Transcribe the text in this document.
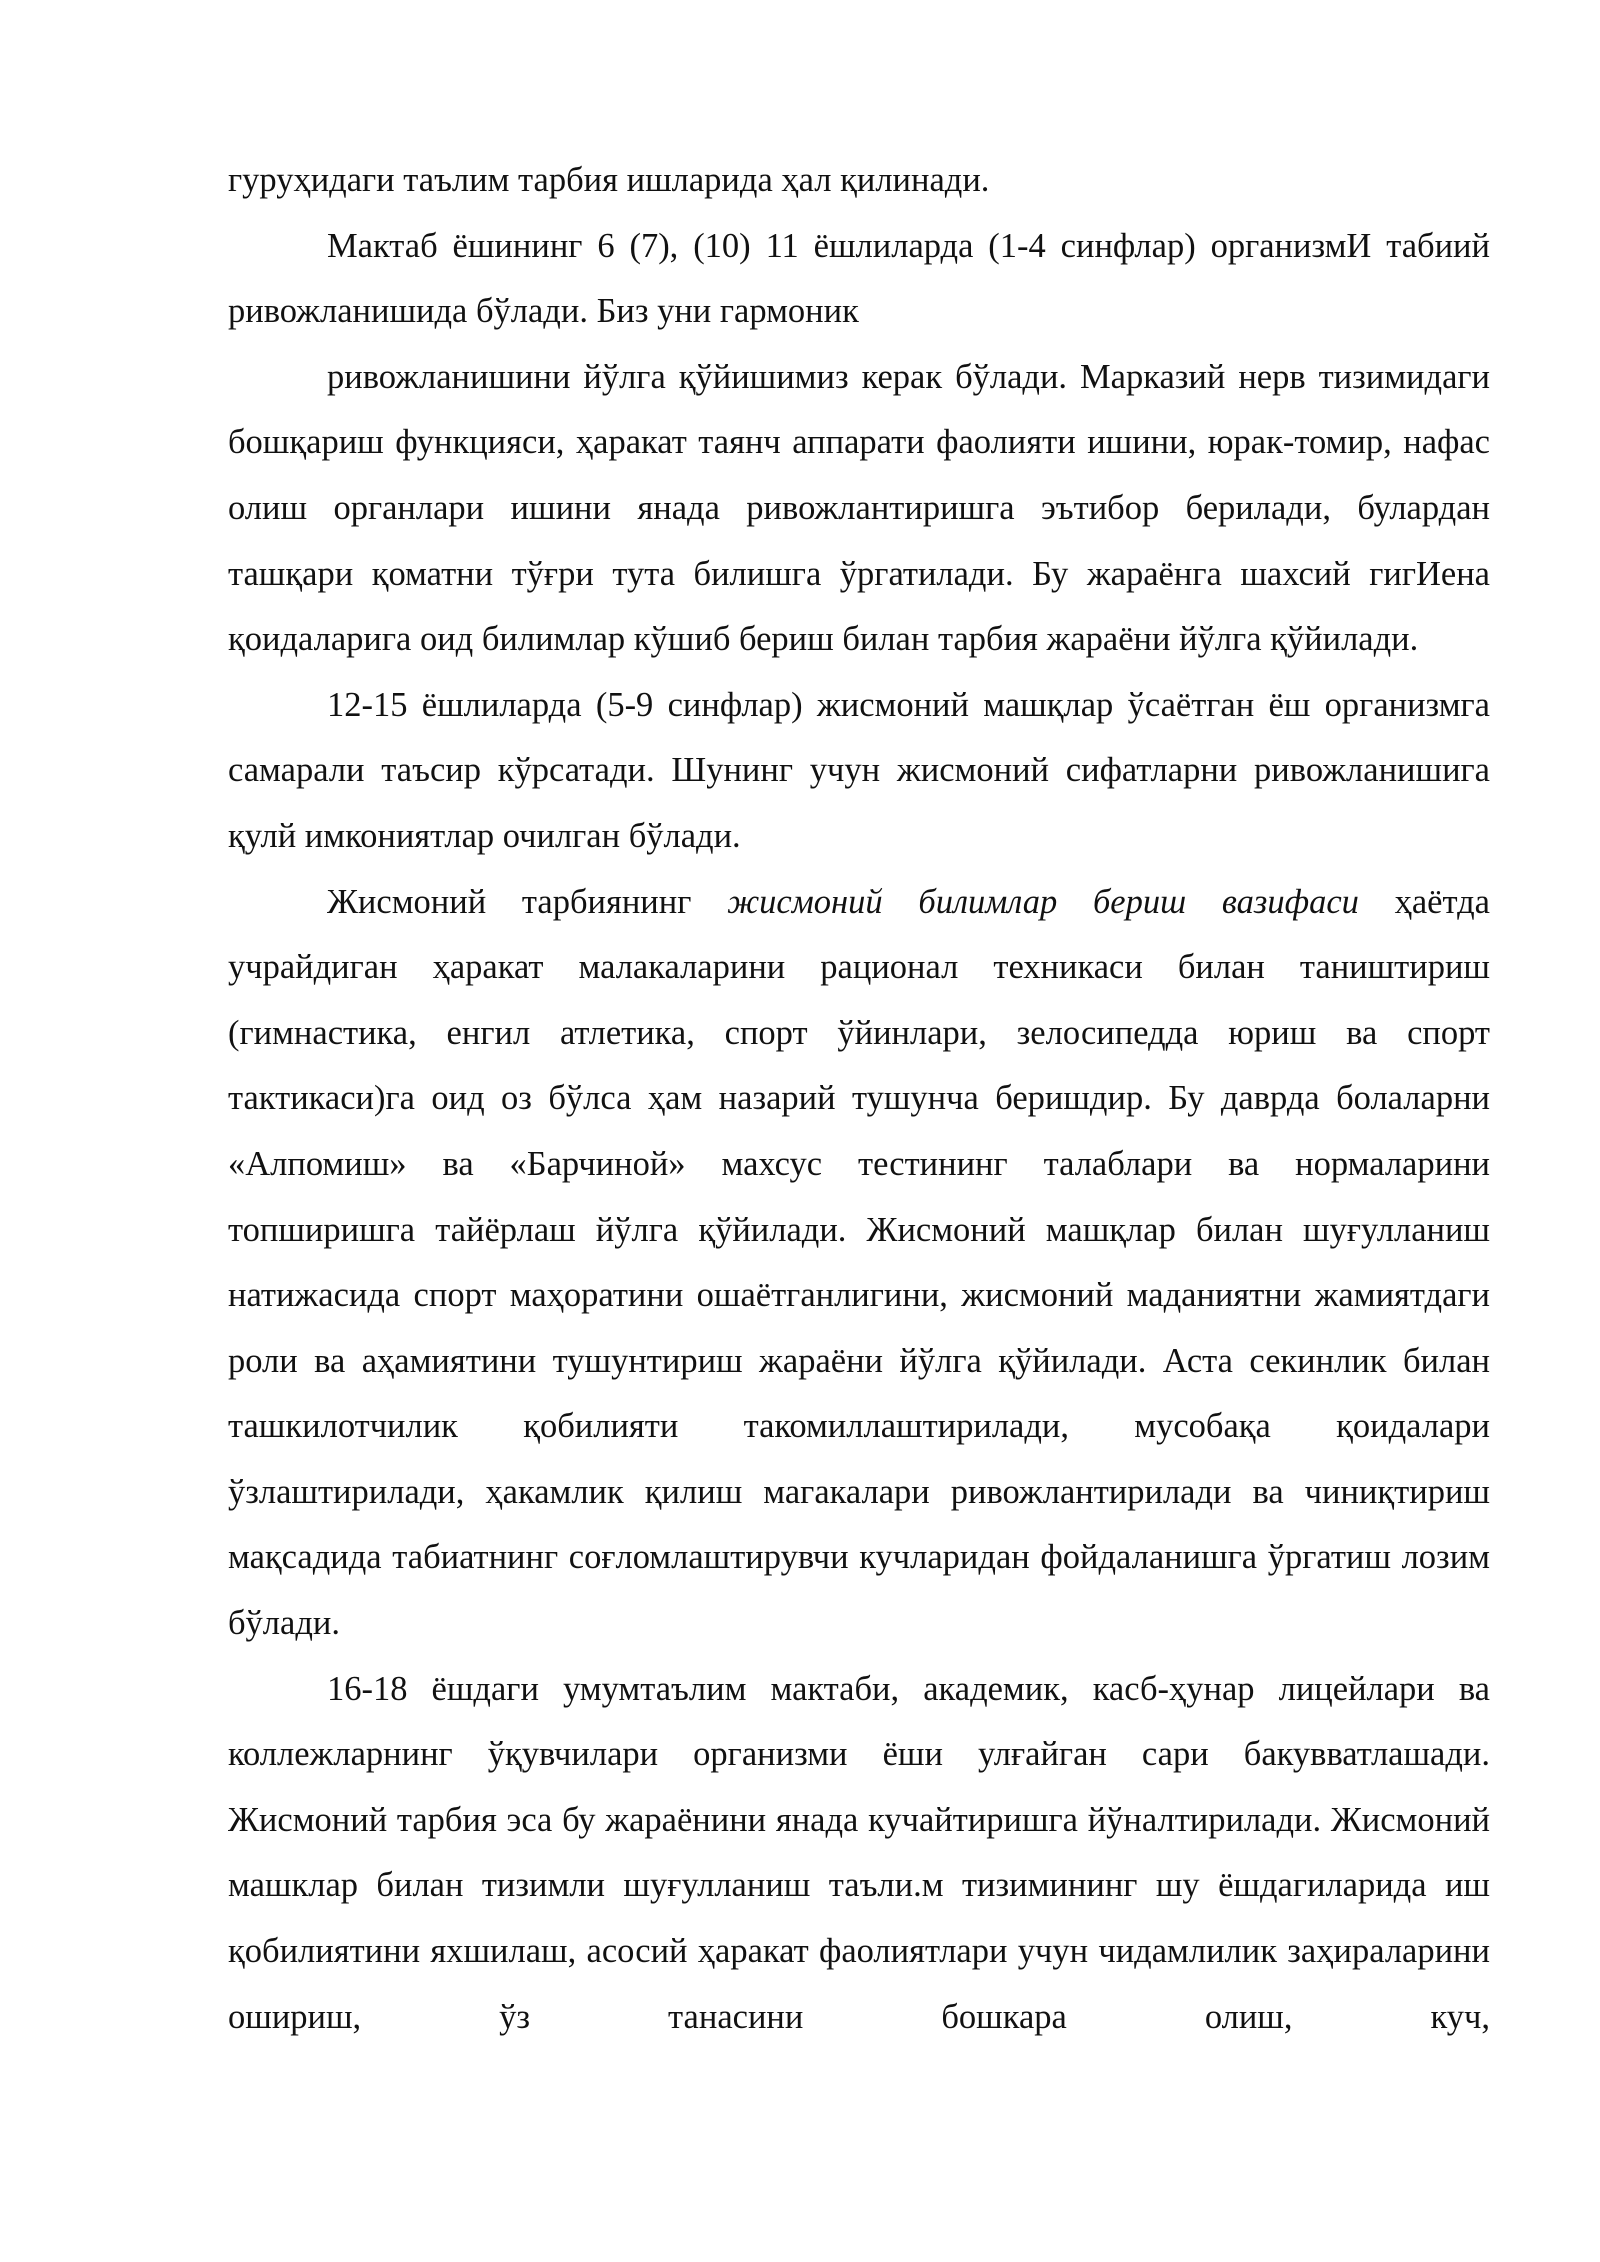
гуруҳидаги таълим тарбия ишларида ҳал қилинади.

Мактаб ёшининг 6 (7), (10) 11 ёшлиларда (1-4 синфлар) организмИ табиий ривожланишида бўлади. Биз уни гармоник

ривожланишини йўлга қўйишимиз керак бўлади. Марказий нерв тизимидаги бошқариш функцияси, ҳаракат таянч аппарати фаолияти ишини, юрак-томир, нафас олиш органлари ишини янада ривожлантиришга эътибор берилади, булардан ташқари қоматни тўғри тута билишга ўргатилади. Бу жараёнга шахсий гигИена қоидаларига оид билимлар кўшиб бериш билан тарбия жараёни йўлга қўйилади.

12-15 ёшлиларда (5-9 синфлар) жисмоний машқлар ўсаётган ёш организмга самарали таъсир кўрсатади. Шунинг учун жисмоний сифатларни ривожланишига қулй имкониятлар очилган бўлади.

Жисмоний тарбиянинг жисмоний билимлар бериш вазифаси ҳаётда учрайдиган ҳаракат малакаларини рационал техникаси билан таништириш (гимнастика, енгил атлетика, спорт ўйинлари, зелосипедда юриш ва спорт тактикаси)га оид оз бўлса ҳам назарий тушунча беришдир. Бу даврда болаларни «Алпомиш» ва «Барчиной» махсус тестининг талаблари ва нормаларини топширишга тайёрлаш йўлга қўйилади. Жисмоний машқлар билан шуғулланиш натижасида спорт маҳоратини ошаётганлигини, жисмоний маданиятни жамиятдаги роли ва аҳамиятини тушунтириш жараёни йўлга қўйилади. Аста секинлик билан ташкилотчилик қобилияти такомиллаштирилади, мусобақа қоидалари ўзлаштирилади, ҳакамлик қилиш магакалари ривожлантирилади ва чиниқтириш мақсадида табиатнинг соғломлаштирувчи кучларидан фойдаланишга ўргатиш лозим бўлади.

16-18 ёшдаги умумтаълим мактаби, академик, касб-ҳунар лицейлари ва коллежларнинг ўқувчилари организми ёши улғайган сари бакувватлашади. Жисмоний тарбия эса бу жараёнини янада кучайтиришга йўналтирилади. Жисмоний машклар билан тизимли шуғулланиш таъли.м тизимининг шу ёшдагиларида иш қобилиятини яхшилаш, асосий ҳаракат фаолиятлари учун чидамлилик заҳираларини ошириш, ўз танасини бошкара олиш, куч,
